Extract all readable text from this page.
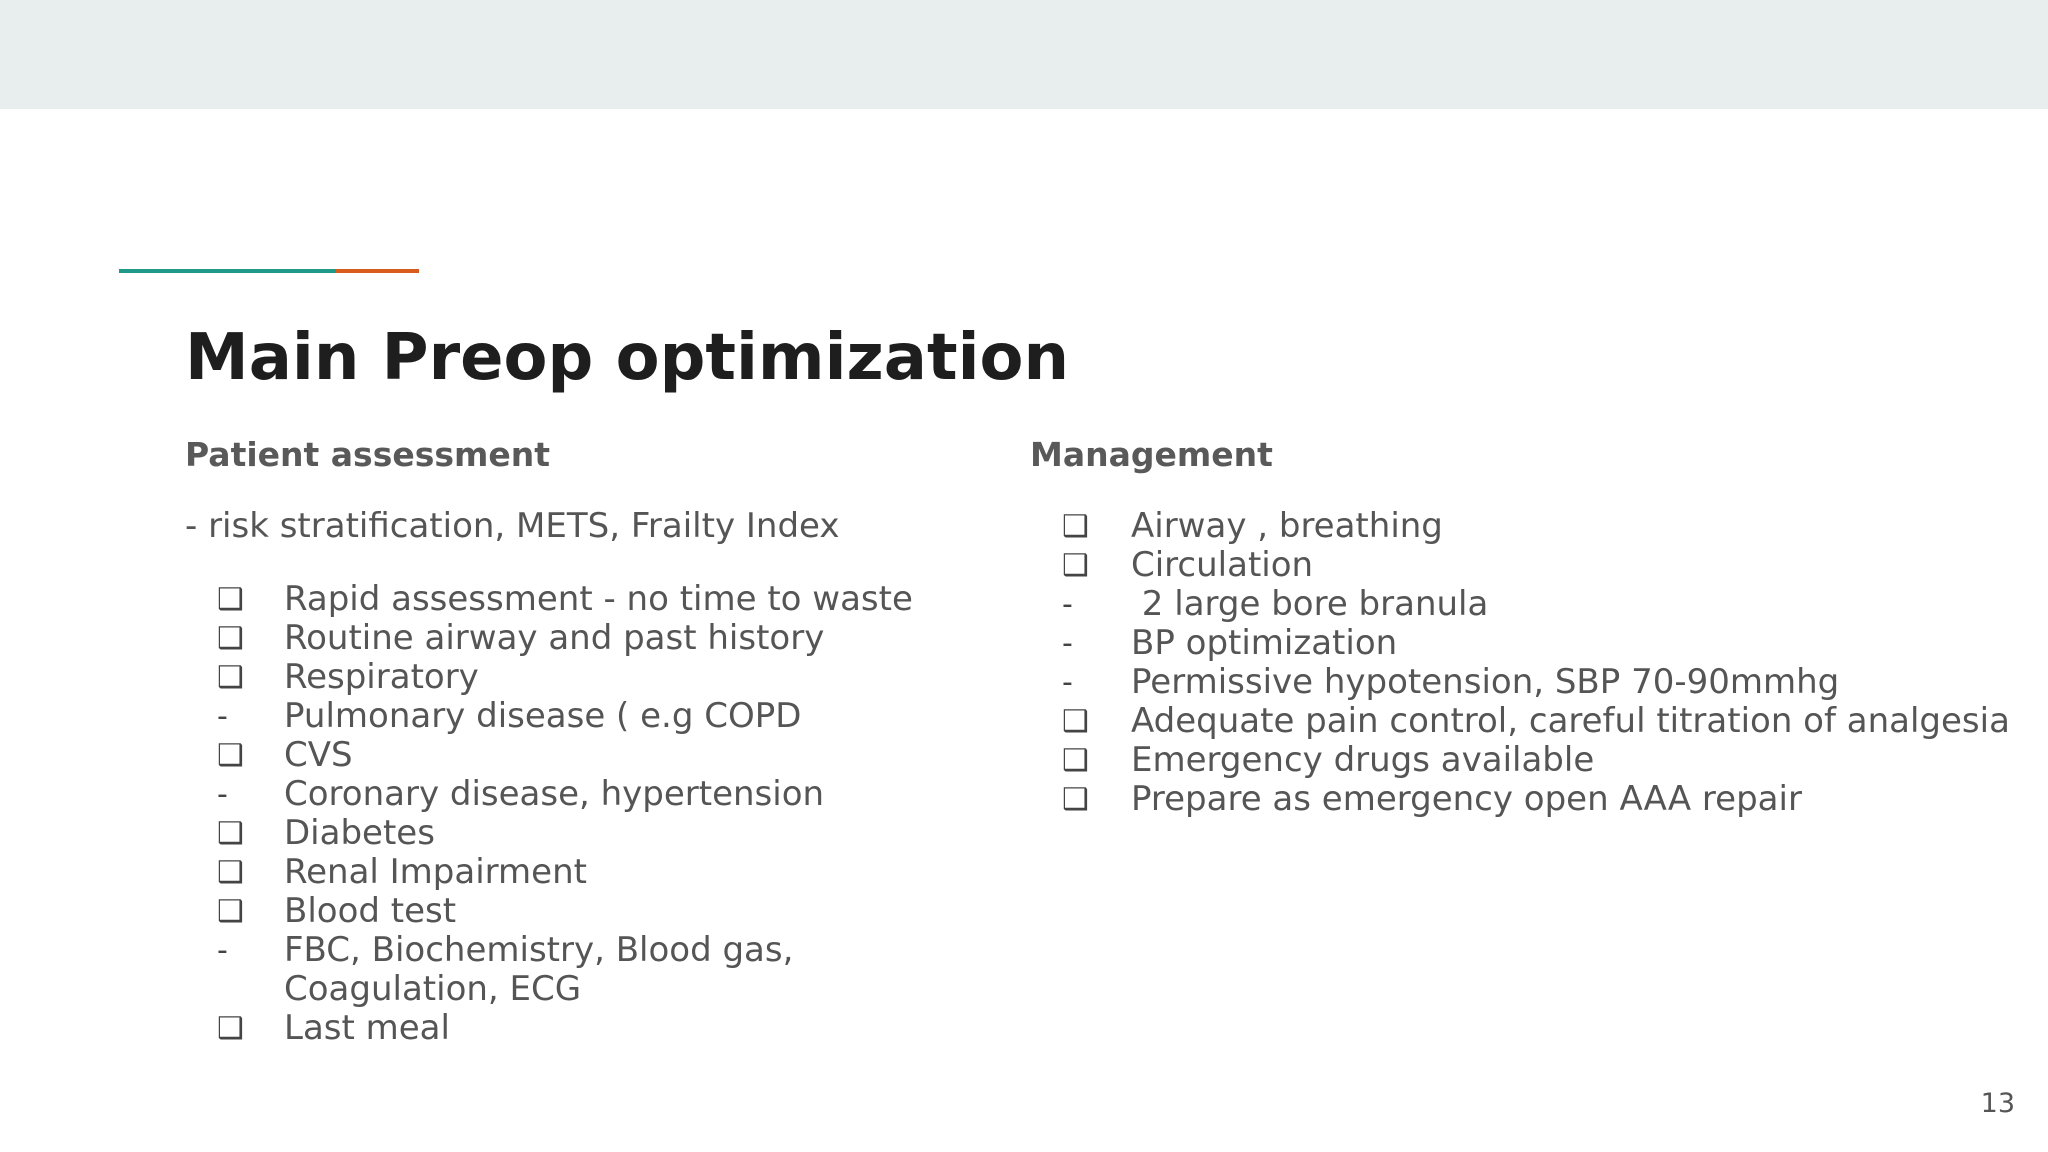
Main Preop optimization
Patient assessment
- risk stratification, METS, Frailty Index
❑	Rapid assessment - no time to waste
❑	Routine airway and past history
❑	Respiratory
-	Pulmonary disease ( e.g COPD
❑	CVS
-	Coronary disease, hypertension
❑	Diabetes
❑	Renal Impairment
❑	Blood test
-	FBC, Biochemistry, Blood gas, Coagulation, ECG
❑	Last meal
Management
❑	Airway , breathing
❑	Circulation
-	2 large bore branula
-	BP optimization
-	Permissive hypotension, SBP 70-90mmhg
❑	Adequate pain control, careful titration of analgesia
❑	Emergency drugs available
❑	Prepare as emergency open AAA repair
13
